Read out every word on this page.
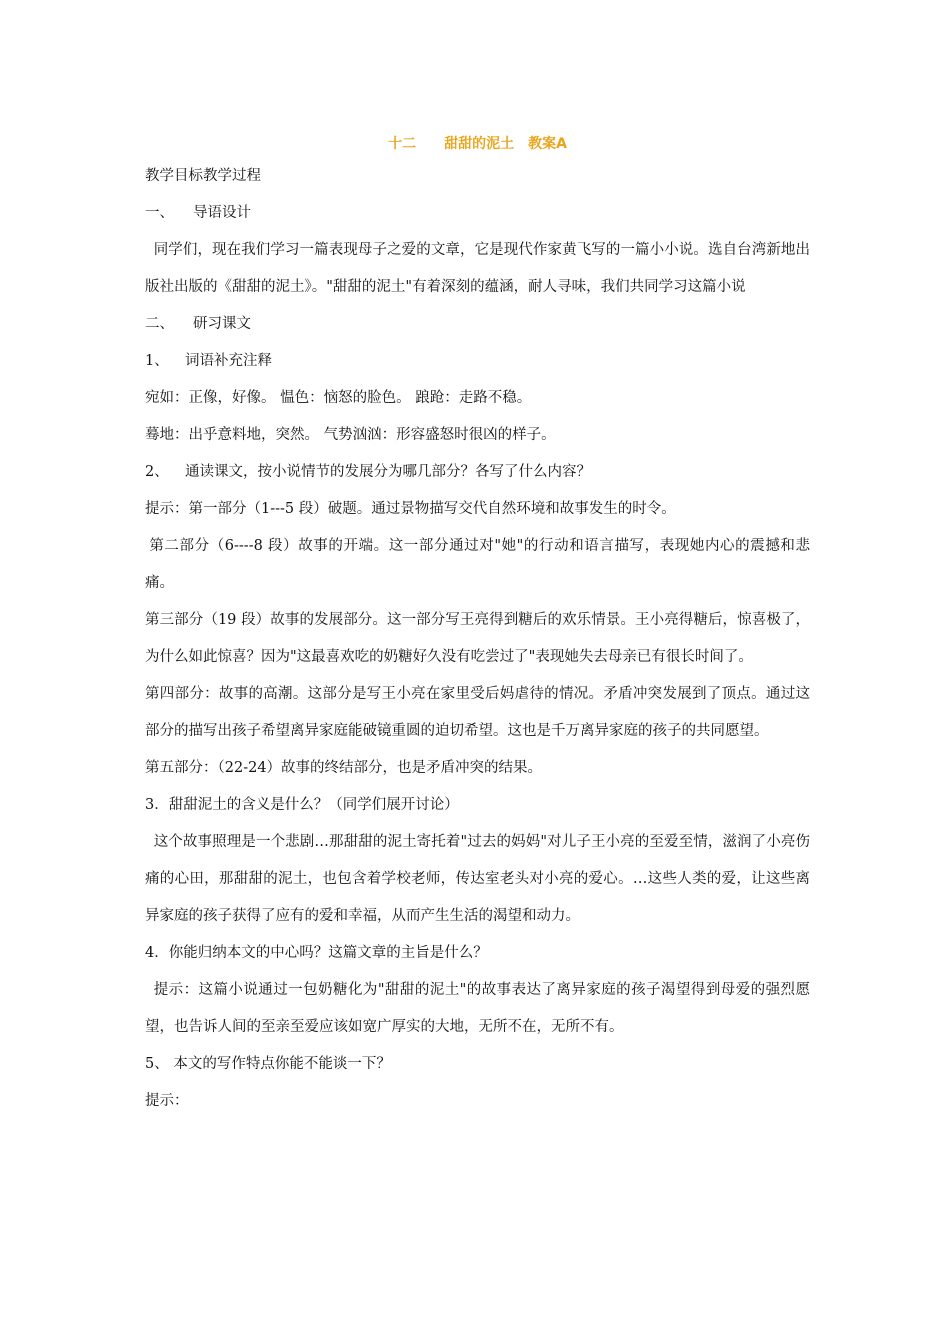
十二　　甜甜的泥土　教案A

教学目标教学过程

一、	导语设计

同学们，现在我们学习一篇表现母子之爱的文章，它是现代作家黄飞写的一篇小小说。选自台湾新地出版社出版的《甜甜的泥土》。"甜甜的泥土"有着深刻的蕴涵，耐人寻味，我们共同学习这篇小说

二、	研习课文
1、	词语补充注释

宛如：正像，好像。 愠色：恼怒的脸色。 踉跄：走路不稳。

蓦地：出乎意料地，突然。 气势汹汹：形容盛怒时很凶的样子。

2、	通读课文，按小说情节的发展分为哪几部分？各写了什么内容？

提示：第一部分（1---5 段）破题。通过景物描写交代自然环境和故事发生的时令。

第二部分（6----8 段）故事的开端。这一部分通过对"她"的行动和语言描写，表现她内心的震撼和悲痛。

第三部分（19 段）故事的发展部分。这一部分写王亮得到糖后的欢乐情景。王小亮得糖后，惊喜极了，为什么如此惊喜？因为"这最喜欢吃的奶糖好久没有吃尝过了"表现她失去母亲已有很长时间了。

第四部分：故事的高潮。这部分是写王小亮在家里受后妈虐待的情况。矛盾冲突发展到了顶点。通过这部分的描写出孩子希望离异家庭能破镜重圆的迫切希望。这也是千万离异家庭的孩子的共同愿望。

第五部分：（22-24）故事的终结部分，也是矛盾冲突的结果。

3．甜甜泥土的含义是什么？（同学们展开讨论）

这个故事照理是一个悲剧…那甜甜的泥土寄托着"过去的妈妈"对儿子王小亮的至爱至情，滋润了小亮伤痛的心田，那甜甜的泥土，也包含着学校老师，传达室老头对小亮的爱心。…这些人类的爱，让这些离异家庭的孩子获得了应有的爱和幸福，从而产生生活的渴望和动力。

4．你能归纳本文的中心吗？这篇文章的主旨是什么？

提示：这篇小说通过一包奶糖化为"甜甜的泥土"的故事表达了离异家庭的孩子渴望得到母爱的强烈愿望，也告诉人间的至亲至爱应该如宽广厚实的大地，无所不在，无所不有。

5、 本文的写作特点你能不能谈一下？

提示：
